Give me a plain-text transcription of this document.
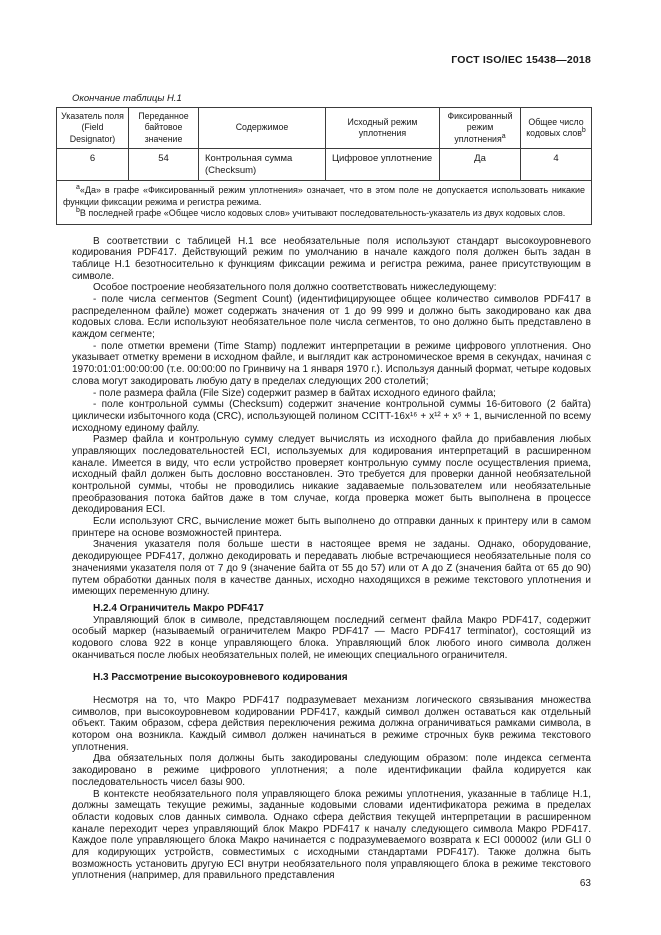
ГОСТ ISO/IEC 15438—2018
Окончание таблицы Н.1
Указатель поля (Field Designator)	Переданное байтовое значение	Содержимое	Исходный режим уплотнения	Фиксированный режим уплотнения$^a$	Общее число кодовых слов$^b$
6	54	Контрольная сумма (Checksum)	Цифровое уплотнение	Да	4

$^a$«Да» в графе «Фиксированный режим уплотнения» означает, что в этом поле не допускается использовать никакие функции фиксации режима и регистра режима.
$^b$В последней графе «Общее число кодовых слов» учитывают последовательность-указатель из двух кодовых слов.					

В соответствии с таблицей Н.1 все необязательные поля используют стандарт высокоуровневого кодирования PDF417. Действующий режим по умолчанию в начале каждого поля должен быть задан в таблице Н.1 безотносительно к функциям фиксации режима и регистра режима, ранее присутствующим в символе.

Особое построение необязательного поля должно соответствовать нижеследующему:

- поле числа сегментов (Segment Count) (идентифицирующее общее количество символов PDF417 в распределенном файле) может содержать значения от 1 до 99 999 и должно быть закодировано как два кодовых слова. Если используют необязательное поле числа сегментов, то оно должно быть представлено в каждом сегменте;

- поле отметки времени (Time Stamp) подлежит интерпретации в режиме цифрового уплотнения. Оно указывает отметку времени в исходном файле, и выглядит как астрономическое время в секундах, начиная с 1970:01:01:00:00:00 (т.е. 00:00:00 по Гринвичу на 1 января 1970 г.). Используя данный формат, четыре кодовых слова могут закодировать любую дату в пределах следующих 200 столетий;

- поле размера файла (File Size) содержит размер в байтах исходного единого файла;

- поле контрольной суммы (Checksum) содержит значение контрольной суммы 16-битового (2 байта) циклически избыточного кода (CRC), использующей полином CCITT-16x¹⁶ + x¹² + x⁵ + 1, вычисленной по всему исходному единому файлу.

Размер файла и контрольную сумму следует вычислять из исходного файла до прибавления любых управляющих последовательностей ECI, используемых для кодирования интерпретаций в расширенном канале. Имеется в виду, что если устройство проверяет контрольную сумму после осуществления приема, исходный файл должен быть дословно восстановлен. Это требуется для проверки данной необязательной контрольной суммы, чтобы не проводились никакие задаваемые пользователем или необязательные преобразования потока байтов даже в том случае, когда проверка может быть выполнена в процессе декодирования ECI.

Если используют CRC, вычисление может быть выполнено до отправки данных к принтеру или в самом принтере на основе возможностей принтера.

Значения указателя поля больше шести в настоящее время не заданы. Однако, оборудование, декодирующее PDF417, должно декодировать и передавать любые встречающиеся необязательные поля со значениями указателя поля от 7 до 9 (значение байта от 55 до 57) или от А до Z (значения байта от 65 до 90) путем обработки данных поля в качестве данных, исходно находящихся в режиме текстового уплотнения и имеющих переменную длину.

Н.2.4 Ограничитель Макро PDF417

Управляющий блок в символе, представляющем последний сегмент файла Макро PDF417, содержит особый маркер (называемый ограничителем Макро PDF417 — Macro PDF417 terminator), состоящий из кодового слова 922 в конце управляющего блока. Управляющий блок любого иного символа должен оканчиваться после любых необязательных полей, не имеющих специального ограничителя.

Н.3 Рассмотрение высокоуровневого кодирования

Несмотря на то, что Макро PDF417 подразумевает механизм логического связывания множества символов, при высокоуровневом кодировании PDF417, каждый символ должен оставаться как отдельный объект. Таким образом, сфера действия переключения режима должна ограничиваться рамками символа, в котором она возникла. Каждый символ должен начинаться в режиме строчных букв режима текстового уплотнения.

Два обязательных поля должны быть закодированы следующим образом: поле индекса сегмента закодировано в режиме цифрового уплотнения; а поле идентификации файла кодируется как последовательность чисел базы 900.

В контексте необязательного поля управляющего блока режимы уплотнения, указанные в таблице Н.1, должны замещать текущие режимы, заданные кодовыми словами идентификатора режима в пределах области кодовых слов данных символа. Однако сфера действия текущей интерпретации в расширенном канале переходит через управляющий блок Макро PDF417 к началу следующего символа Макро PDF417. Каждое поле управляющего блока Макро начинается с подразумеваемого возврата к ECI 000002 (или GLI 0 для кодирующих устройств, совместимых с исходными стандартами PDF417). Также должна быть возможность установить другую ECI внутри необязательного поля управляющего блока в режиме текстового уплотнения (например, для правильного представления

63
